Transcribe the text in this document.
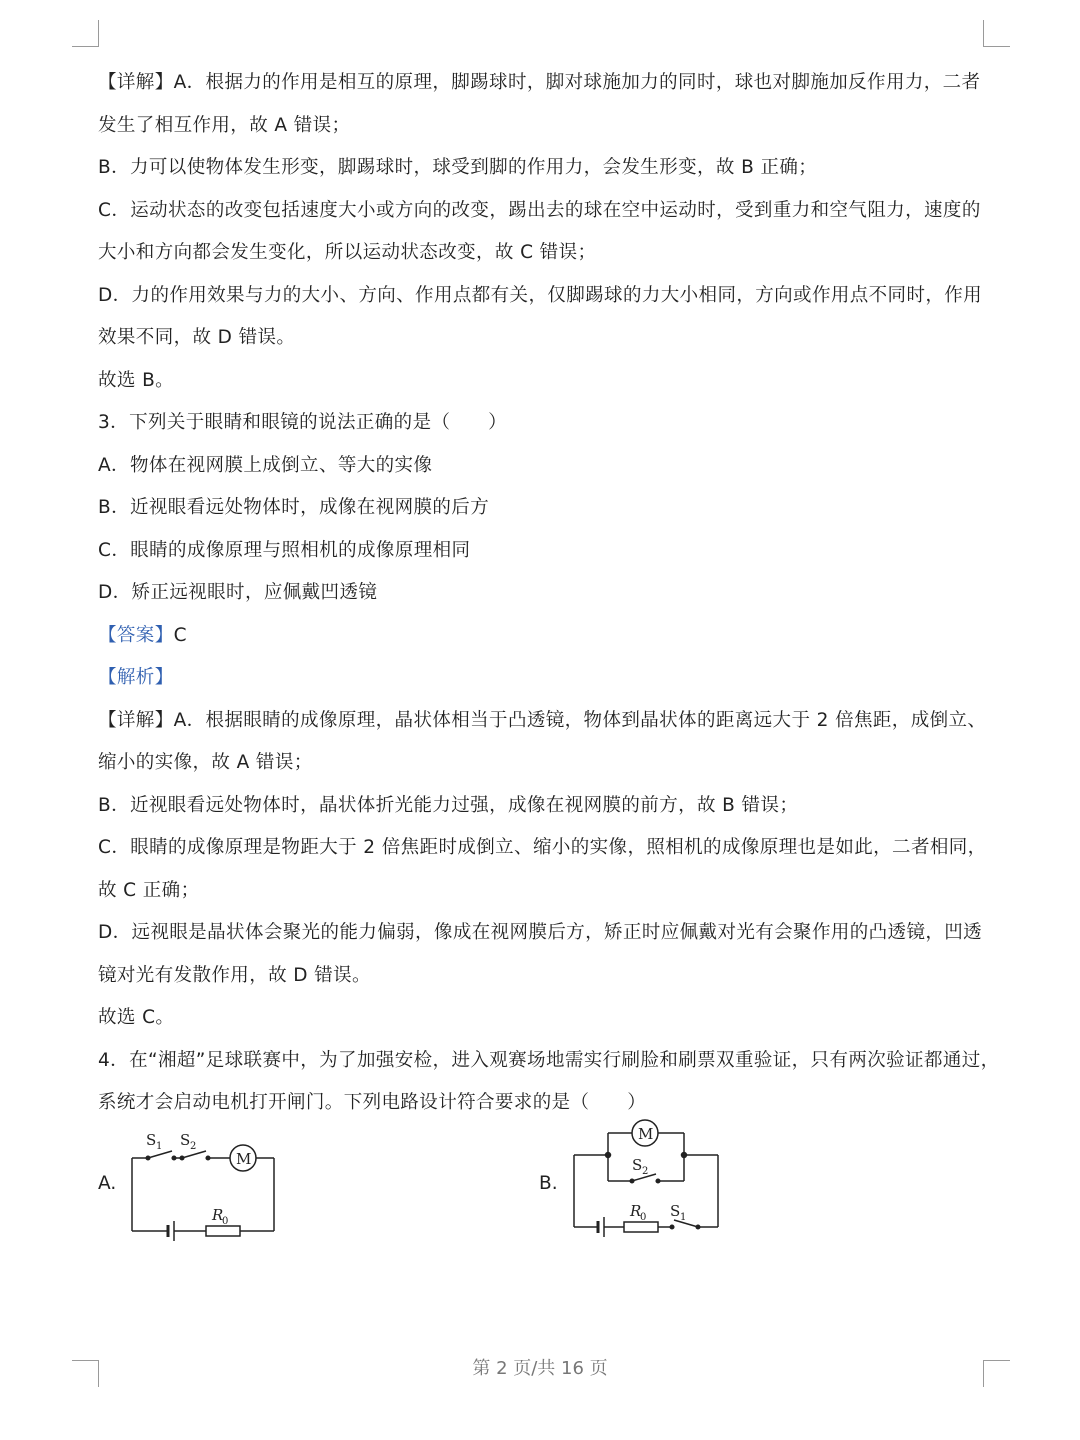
【详解】A．根据力的作用是相互的原理，脚踢球时，脚对球施加力的同时，球也对脚施加反作用力，二者
发生了相互作用，故 A 错误；
B．力可以使物体发生形变，脚踢球时，球受到脚的作用力，会发生形变，故 B 正确；
C．运动状态的改变包括速度大小或方向的改变，踢出去的球在空中运动时，受到重力和空气阻力，速度的
大小和方向都会发生变化，所以运动状态改变，故 C 错误；
D．力的作用效果与力的大小、方向、作用点都有关，仅脚踢球的力大小相同，方向或作用点不同时，作用
效果不同，故 D 错误。
故选 B。
3．下列关于眼睛和眼镜的说法正确的是（　　）
A．物体在视网膜上成倒立、等大的实像
B．近视眼看远处物体时，成像在视网膜的后方
C．眼睛的成像原理与照相机的成像原理相同
D．矫正远视眼时，应佩戴凹透镜
【答案】C
【解析】
【详解】A．根据眼睛的成像原理，晶状体相当于凸透镜，物体到晶状体的距离远大于 2 倍焦距，成倒立、
缩小的实像，故 A 错误；
B．近视眼看远处物体时，晶状体折光能力过强，成像在视网膜的前方，故 B 错误；
C．眼睛的成像原理是物距大于 2 倍焦距时成倒立、缩小的实像，照相机的成像原理也是如此，二者相同，
故 C 正确；
D．远视眼是晶状体会聚光的能力偏弱，像成在视网膜后方，矫正时应佩戴对光有会聚作用的凸透镜，凹透
镜对光有发散作用，故 D 错误。
故选 C。
4．在“湘超”足球联赛中，为了加强安检，进入观赛场地需实行刷脸和刷票双重验证，只有两次验证都通过，
系统才会启动电机打开闸门。下列电路设计符合要求的是（　　）
A.
S 1 S 2
M
R
0
B.
M
S 2
R
0 S 1
第 2 页/共 16 页
